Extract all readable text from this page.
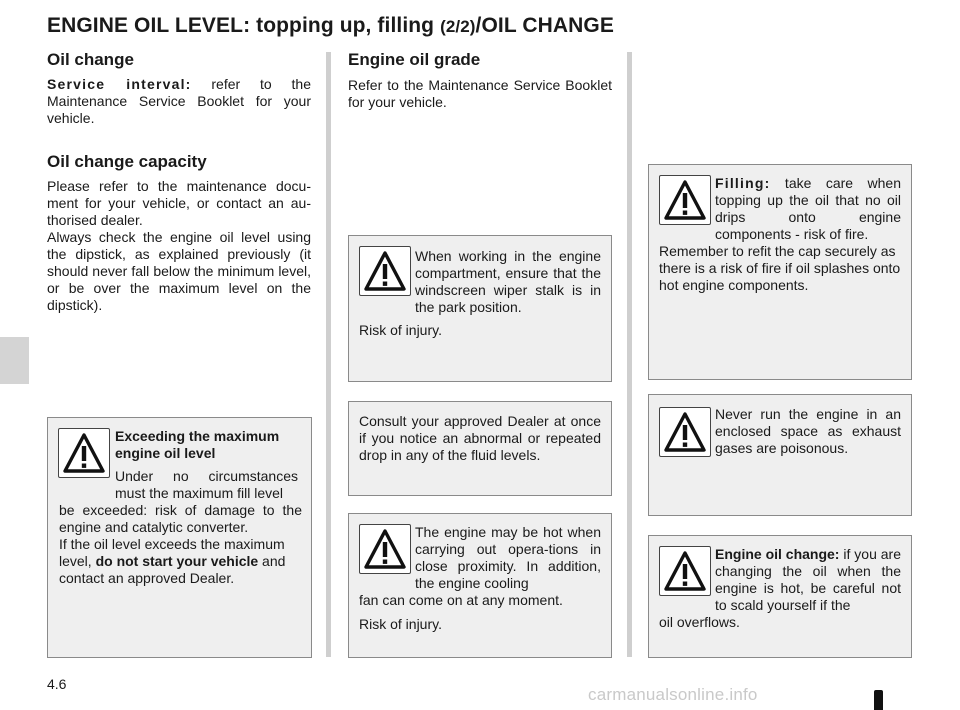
ENGINE OIL LEVEL: topping up, filling (2/2)/OIL CHANGE
Oil change
Service interval: refer to the Maintenance Service Booklet for your vehicle.
Oil change capacity
Please refer to the maintenance docu-ment for your vehicle, or contact an au-thorised dealer.
Always check the engine oil level using the dipstick, as explained previously (it should never fall below the minimum level, or be over the maximum level on the dipstick).
Exceeding the maximum engine oil level
Under no circumstances must the maximum fill level
be exceeded: risk of damage to the engine and catalytic converter.
If the oil level exceeds the maximum level, do not start your vehicle and contact an approved Dealer.
Engine oil grade
Refer to the Maintenance Service Booklet for your vehicle.
When working in the engine compartment, ensure that the windscreen wiper stalk is in the park position.
Risk of injury.
Consult your approved Dealer at once if you notice an abnormal or repeated drop in any of the fluid levels.
The engine may be hot when carrying out opera-tions in close proximity. In addition, the engine cooling
fan can come on at any moment.
Risk of injury.
Filling: take care when topping up the oil that no oil drips onto engine components - risk of fire.
Remember to refit the cap securely as there is a risk of fire if oil splashes onto hot engine components.
Never run the engine in an enclosed space as exhaust gases are poisonous.
Engine oil change: if you are changing the oil when the engine is hot, be careful not to scald yourself if the
oil overflows.
4.6
carmanualsonline.info
